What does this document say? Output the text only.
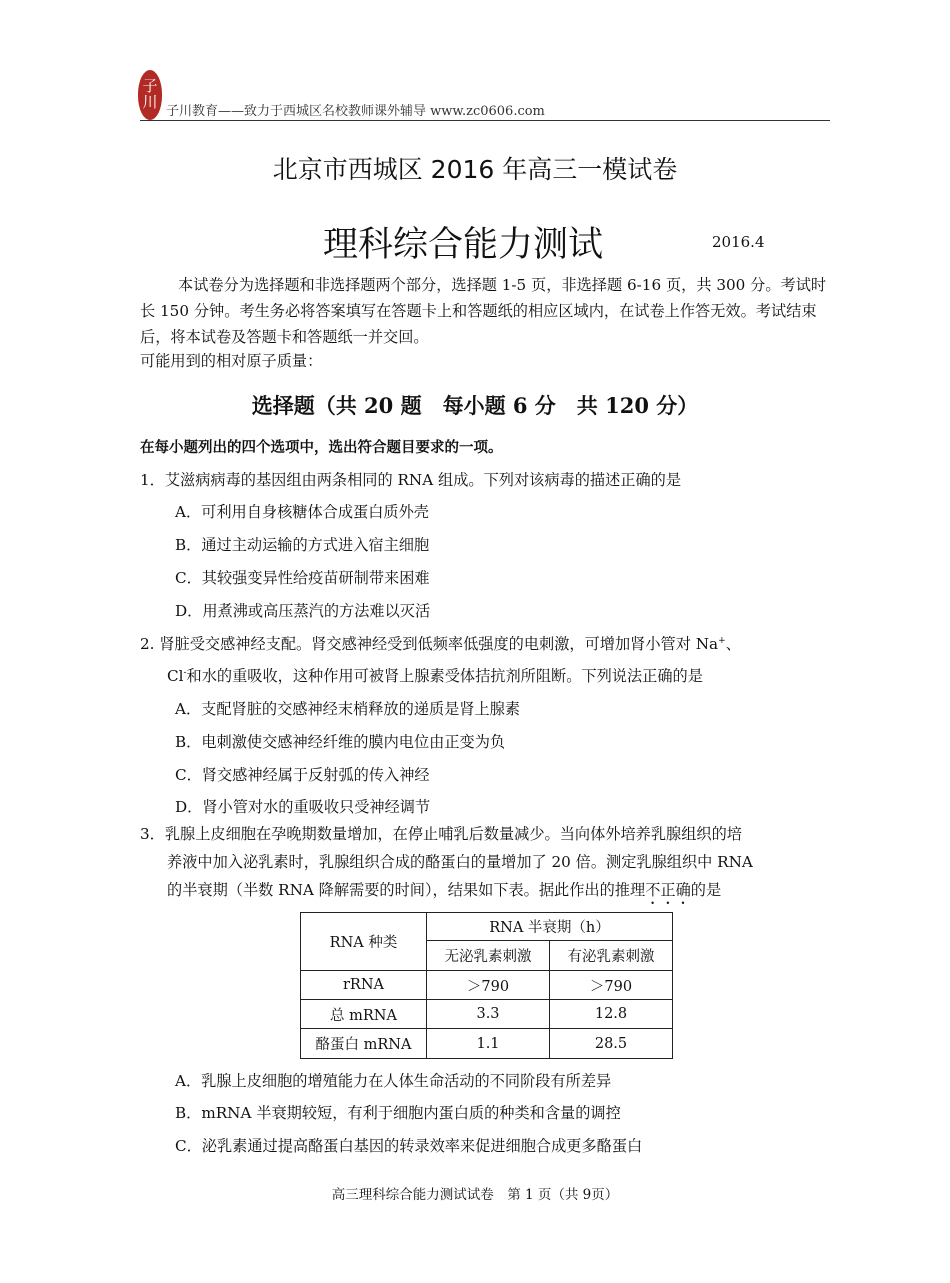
子川
子川教育——致力于西城区名校教师课外辅导 www.zc0606.com
北京市西城区 2016 年高三一模试卷
理科综合能力测试	2016.4

本试卷分为选择题和非选择题两个部分，选择题 1-5 页，非选择题 6-16 页，共 300 分。考试时长 150 分钟。考生务必将答案填写在答题卡上和答题纸的相应区域内，在试卷上作答无效。考试结束后，将本试卷及答题卡和答题纸一并交回。

可能用到的相对原子质量：
选择题（共 20 题　每小题 6 分　共 120 分）
在每小题列出的四个选项中，选出符合题目要求的一项。
1．艾滋病病毒的基因组由两条相同的 RNA 组成。下列对该病毒的描述正确的是
A．可利用自身核糖体合成蛋白质外壳
B．通过主动运输的方式进入宿主细胞
C．其较强变异性给疫苗研制带来困难
D．用煮沸或高压蒸汽的方法难以灭活
2. 肾脏受交感神经支配。肾交感神经受到低频率低强度的电刺激，可增加肾小管对 Na+、
Cl-和水的重吸收，这种作用可被肾上腺素受体拮抗剂所阻断。下列说法正确的是
A．支配肾脏的交感神经末梢释放的递质是肾上腺素
B．电刺激使交感神经纤维的膜内电位由正变为负
C．肾交感神经属于反射弧的传入神经
D．肾小管对水的重吸收只受神经调节
3．乳腺上皮细胞在孕晚期数量增加，在停止哺乳后数量减少。当向体外培养乳腺组织的培
养液中加入泌乳素时，乳腺组织合成的酪蛋白的量增加了 20 倍。测定乳腺组织中 RNA
的半衰期（半数 RNA 降解需要的时间），结果如下表。据此作出的推理不正确的是
RNA 种类	RNA 半衰期（h）	
	无泌乳素刺激	有泌乳素刺激
rRNA	＞790	＞790
总 mRNA	3.3	12.8
酪蛋白 mRNA	1.1	28.5
A．乳腺上皮细胞的增殖能力在人体生命活动的不同阶段有所差异
B．mRNA 半衰期较短，有利于细胞内蛋白质的种类和含量的调控
C．泌乳素通过提高酪蛋白基因的转录效率来促进细胞合成更多酪蛋白
高三理科综合能力测试试卷　第 1 页（共 9页）
